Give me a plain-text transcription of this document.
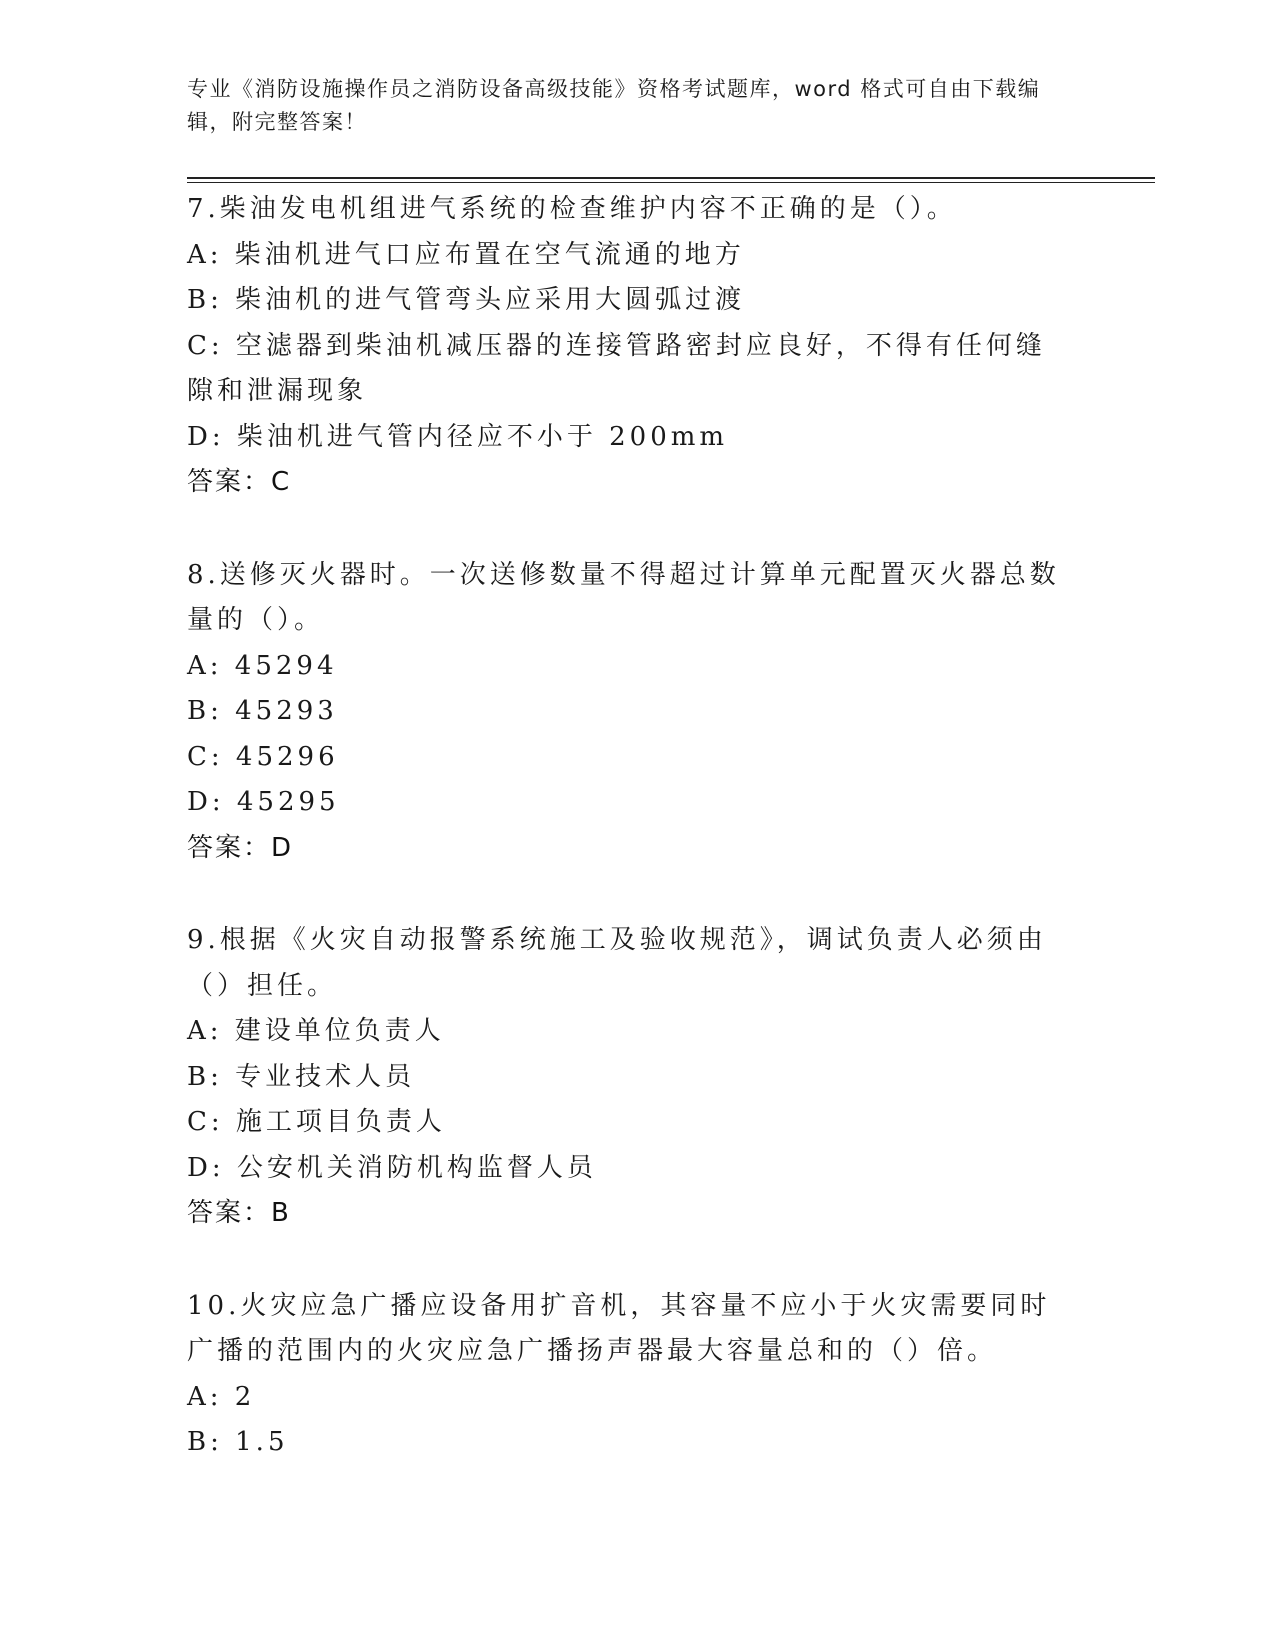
专业《消防设施操作员之消防设备高级技能》资格考试题库，word 格式可自由下载编辑，附完整答案！
7.柴油发电机组进气系统的检查维护内容不正确的是（）。
A: 柴油机进气口应布置在空气流通的地方
B: 柴油机的进气管弯头应采用大圆弧过渡
C: 空滤器到柴油机减压器的连接管路密封应良好，不得有任何缝隙和泄漏现象
D: 柴油机进气管内径应不小于 200mm
答案：C
8.送修灭火器时。一次送修数量不得超过计算单元配置灭火器总数量的（）。
A: 45294
B: 45293
C: 45296
D: 45295
答案：D
9.根据《火灾自动报警系统施工及验收规范》，调试负责人必须由（）担任。
A: 建设单位负责人
B: 专业技术人员
C: 施工项目负责人
D: 公安机关消防机构监督人员
答案：B
10.火灾应急广播应设备用扩音机，其容量不应小于火灾需要同时广播的范围内的火灾应急广播扬声器最大容量总和的（）倍。
A: 2
B: 1.5
